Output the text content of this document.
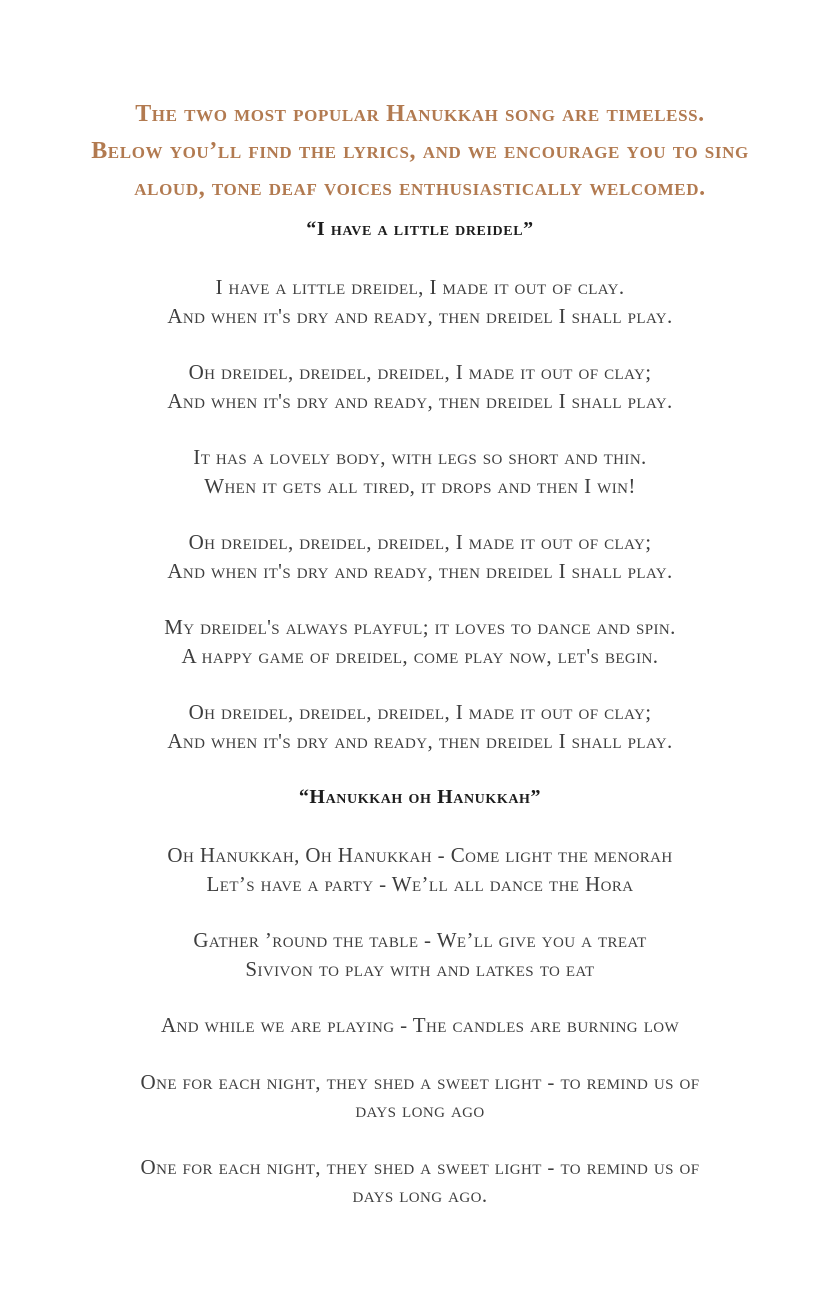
The two most popular Hanukkah song are timeless.
Below you’ll find the lyrics, and we encourage you to sing
aloud, tone deaf voices enthusiastically welcomed.

“I have a little dreidel”

I have a little dreidel, I made it out of clay.
And when it's dry and ready, then dreidel I shall play.

Oh dreidel, dreidel, dreidel, I made it out of clay;
And when it's dry and ready, then dreidel I shall play.

It has a lovely body, with legs so short and thin.
When it gets all tired, it drops and then I win!

Oh dreidel, dreidel, dreidel, I made it out of clay;
And when it's dry and ready, then dreidel I shall play.

My dreidel's always playful; it loves to dance and spin.
A happy game of dreidel, come play now, let's begin.

Oh dreidel, dreidel, dreidel, I made it out of clay;
And when it's dry and ready, then dreidel I shall play.

“Hanukkah oh Hanukkah”

Oh Hanukkah, Oh Hanukkah - Come light the menorah
Let’s have a party - We’ll all dance the Hora

Gather ’round the table - We’ll give you a treat
Sivivon to play with and latkes to eat

And while we are playing - The candles are burning low

One for each night, they shed a sweet light - to remind us of
days long ago

One for each night, they shed a sweet light - to remind us of
days long ago.
